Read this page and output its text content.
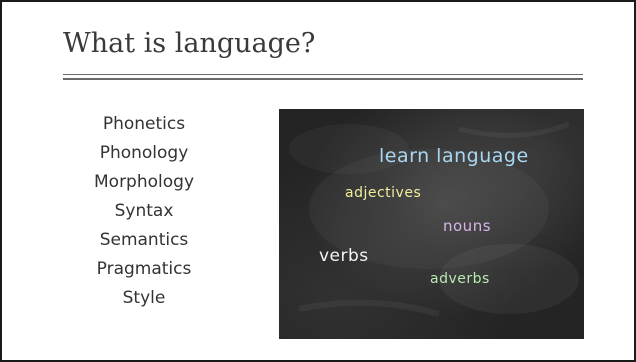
What is language?
Phonetics
Phonology
Morphology
Syntax
Semantics
Pragmatics
Style
learn language
adjectives
nouns
verbs
adverbs
